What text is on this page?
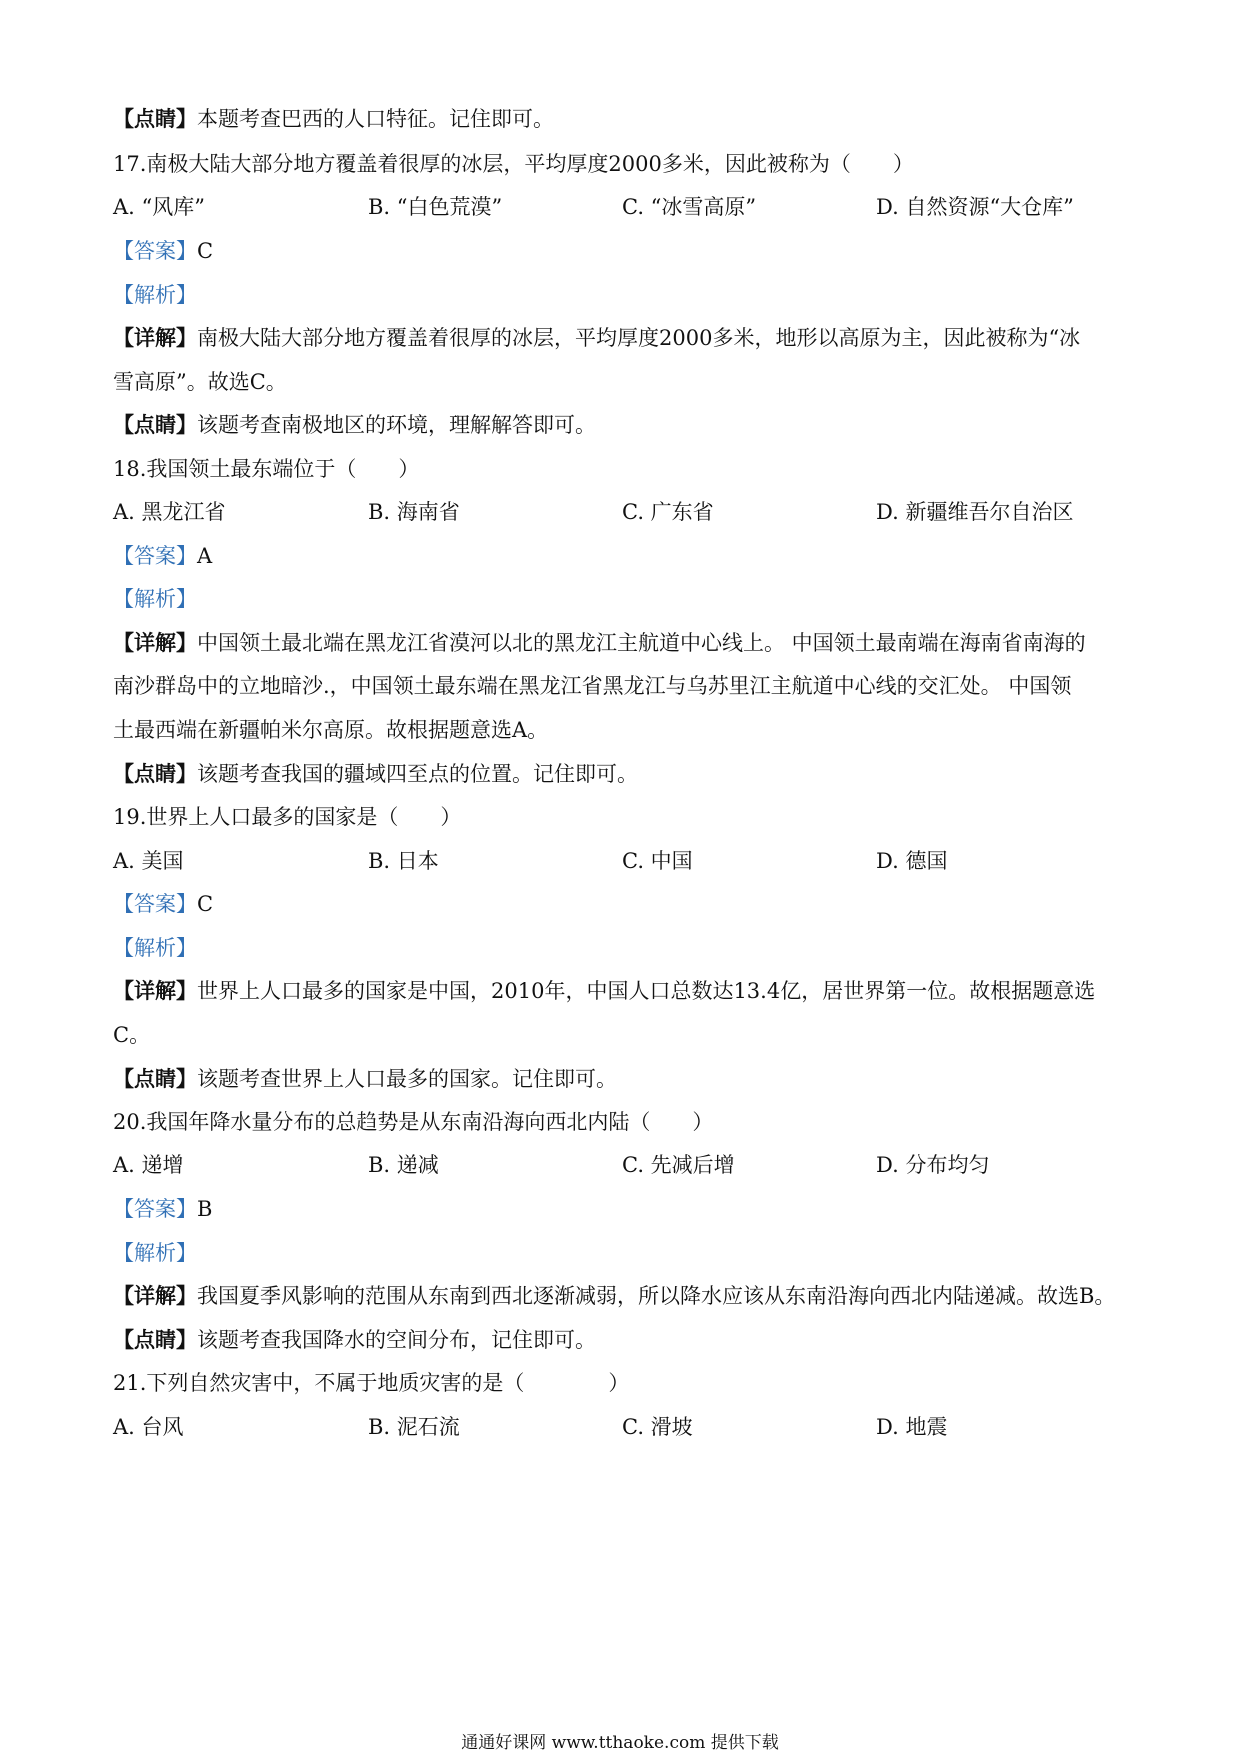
【点睛】本题考查巴西的人口特征。记住即可。
17.南极大陆大部分地方覆盖着很厚的冰层，平均厚度2000多米，因此被称为（　　）
A. “风库”	B. “白色荒漠”	C. “冰雪高原”	D. 自然资源“大仓库”
【答案】C
【解析】
【详解】南极大陆大部分地方覆盖着很厚的冰层，平均厚度2000多米，地形以高原为主，因此被称为“冰
雪高原”。故选C。
【点睛】该题考查南极地区的环境，理解解答即可。
18.我国领土最东端位于（　　）
A. 黑龙江省	B. 海南省	C. 广东省	D. 新疆维吾尔自治区
【答案】A
【解析】
【详解】中国领土最北端在黑龙江省漠河以北的黑龙江主航道中心线上。 中国领土最南端在海南省南海的
南沙群岛中的立地暗沙.，中国领土最东端在黑龙江省黑龙江与乌苏里江主航道中心线的交汇处。 中国领
土最西端在新疆帕米尔高原。故根据题意选A。
【点睛】该题考查我国的疆域四至点的位置。记住即可。
19.世界上人口最多的国家是（　　）
A. 美国	B. 日本	C. 中国	D. 德国
【答案】C
【解析】
【详解】世界上人口最多的国家是中国，2010年，中国人口总数达13.4亿，居世界第一位。故根据题意选
C。
【点睛】该题考查世界上人口最多的国家。记住即可。
20.我国年降水量分布的总趋势是从东南沿海向西北内陆（　　）
A. 递增	B. 递减	C. 先减后增	D. 分布均匀
【答案】B
【解析】
【详解】我国夏季风影响的范围从东南到西北逐渐减弱，所以降水应该从东南沿海向西北内陆递减。故选B。
【点睛】该题考查我国降水的空间分布，记住即可。
21.下列自然灾害中，不属于地质灾害的是（　　　　）
A. 台风	B. 泥石流	C. 滑坡	D. 地震
通通好课网 www.tthaoke.com 提供下载
